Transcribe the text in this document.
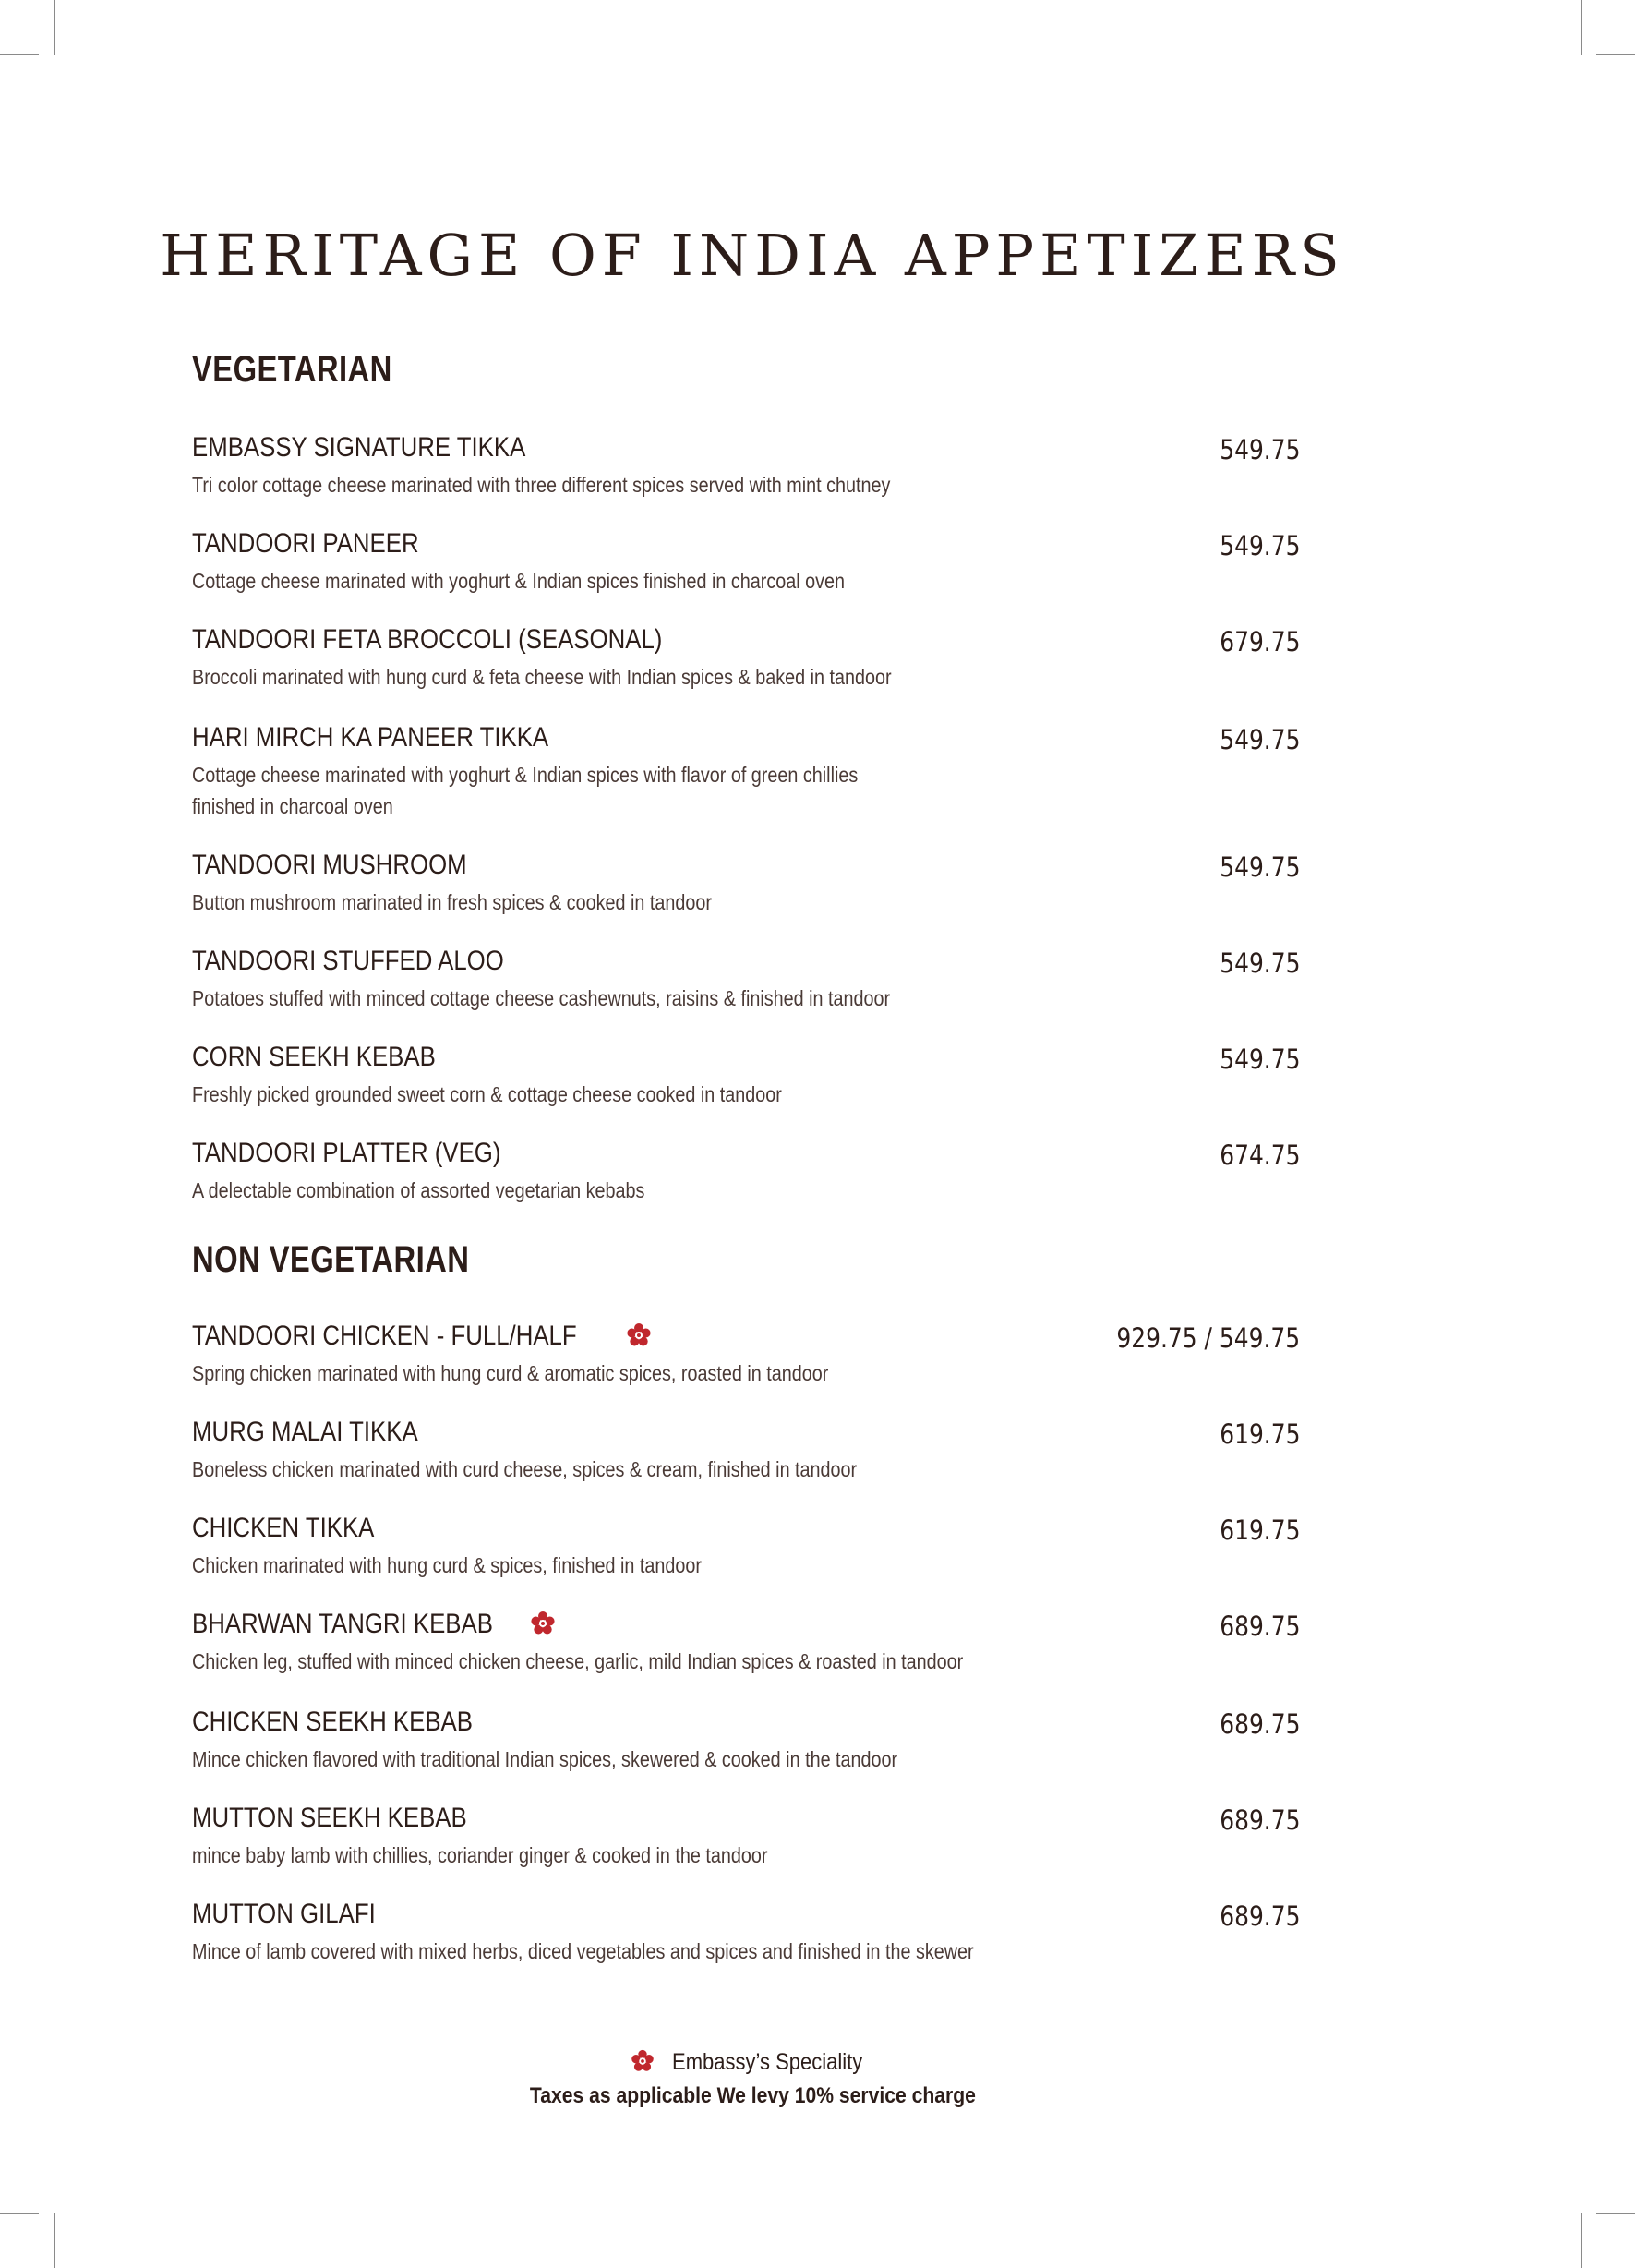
HERITAGE OF INDIA APPETIZERS
VEGETARIAN
EMBASSY SIGNATURE TIKKA
Tri color cottage cheese marinated with three different spices served with mint chutney
549.75
TANDOORI PANEER
Cottage cheese marinated with yoghurt & Indian spices finished in charcoal oven
549.75
TANDOORI FETA BROCCOLI (SEASONAL)
Broccoli marinated with hung curd & feta cheese with Indian spices & baked in tandoor
679.75
HARI MIRCH KA PANEER TIKKA
Cottage cheese marinated with yoghurt & Indian spices with flavor of green chillies
finished in charcoal oven
549.75
TANDOORI MUSHROOM
Button mushroom marinated in fresh spices & cooked in tandoor
549.75
TANDOORI STUFFED ALOO
Potatoes stuffed with minced cottage cheese cashewnuts, raisins & finished in tandoor
549.75
CORN SEEKH KEBAB
Freshly picked grounded sweet corn & cottage cheese cooked in tandoor
549.75
TANDOORI PLATTER (VEG)
A delectable combination of assorted vegetarian kebabs
674.75
NON VEGETARIAN
TANDOORI CHICKEN - FULL/HALF
Spring chicken marinated with hung curd & aromatic spices, roasted in tandoor
929.75 / 549.75
MURG MALAI TIKKA
Boneless chicken marinated with curd cheese, spices & cream, finished in tandoor
619.75
CHICKEN TIKKA
Chicken marinated with hung curd & spices, finished in tandoor
619.75
BHARWAN TANGRI KEBAB
Chicken leg, stuffed with minced chicken cheese, garlic, mild Indian spices & roasted in tandoor
689.75
CHICKEN SEEKH KEBAB
Mince chicken flavored with traditional Indian spices, skewered & cooked in the tandoor
689.75
MUTTON SEEKH KEBAB
mince baby lamb with chillies, coriander ginger & cooked in the tandoor
689.75
MUTTON GILAFI
Mince of lamb covered with mixed herbs, diced vegetables and spices and finished in the skewer
689.75
Embassy’s Speciality
Taxes as applicable We levy 10% service charge
